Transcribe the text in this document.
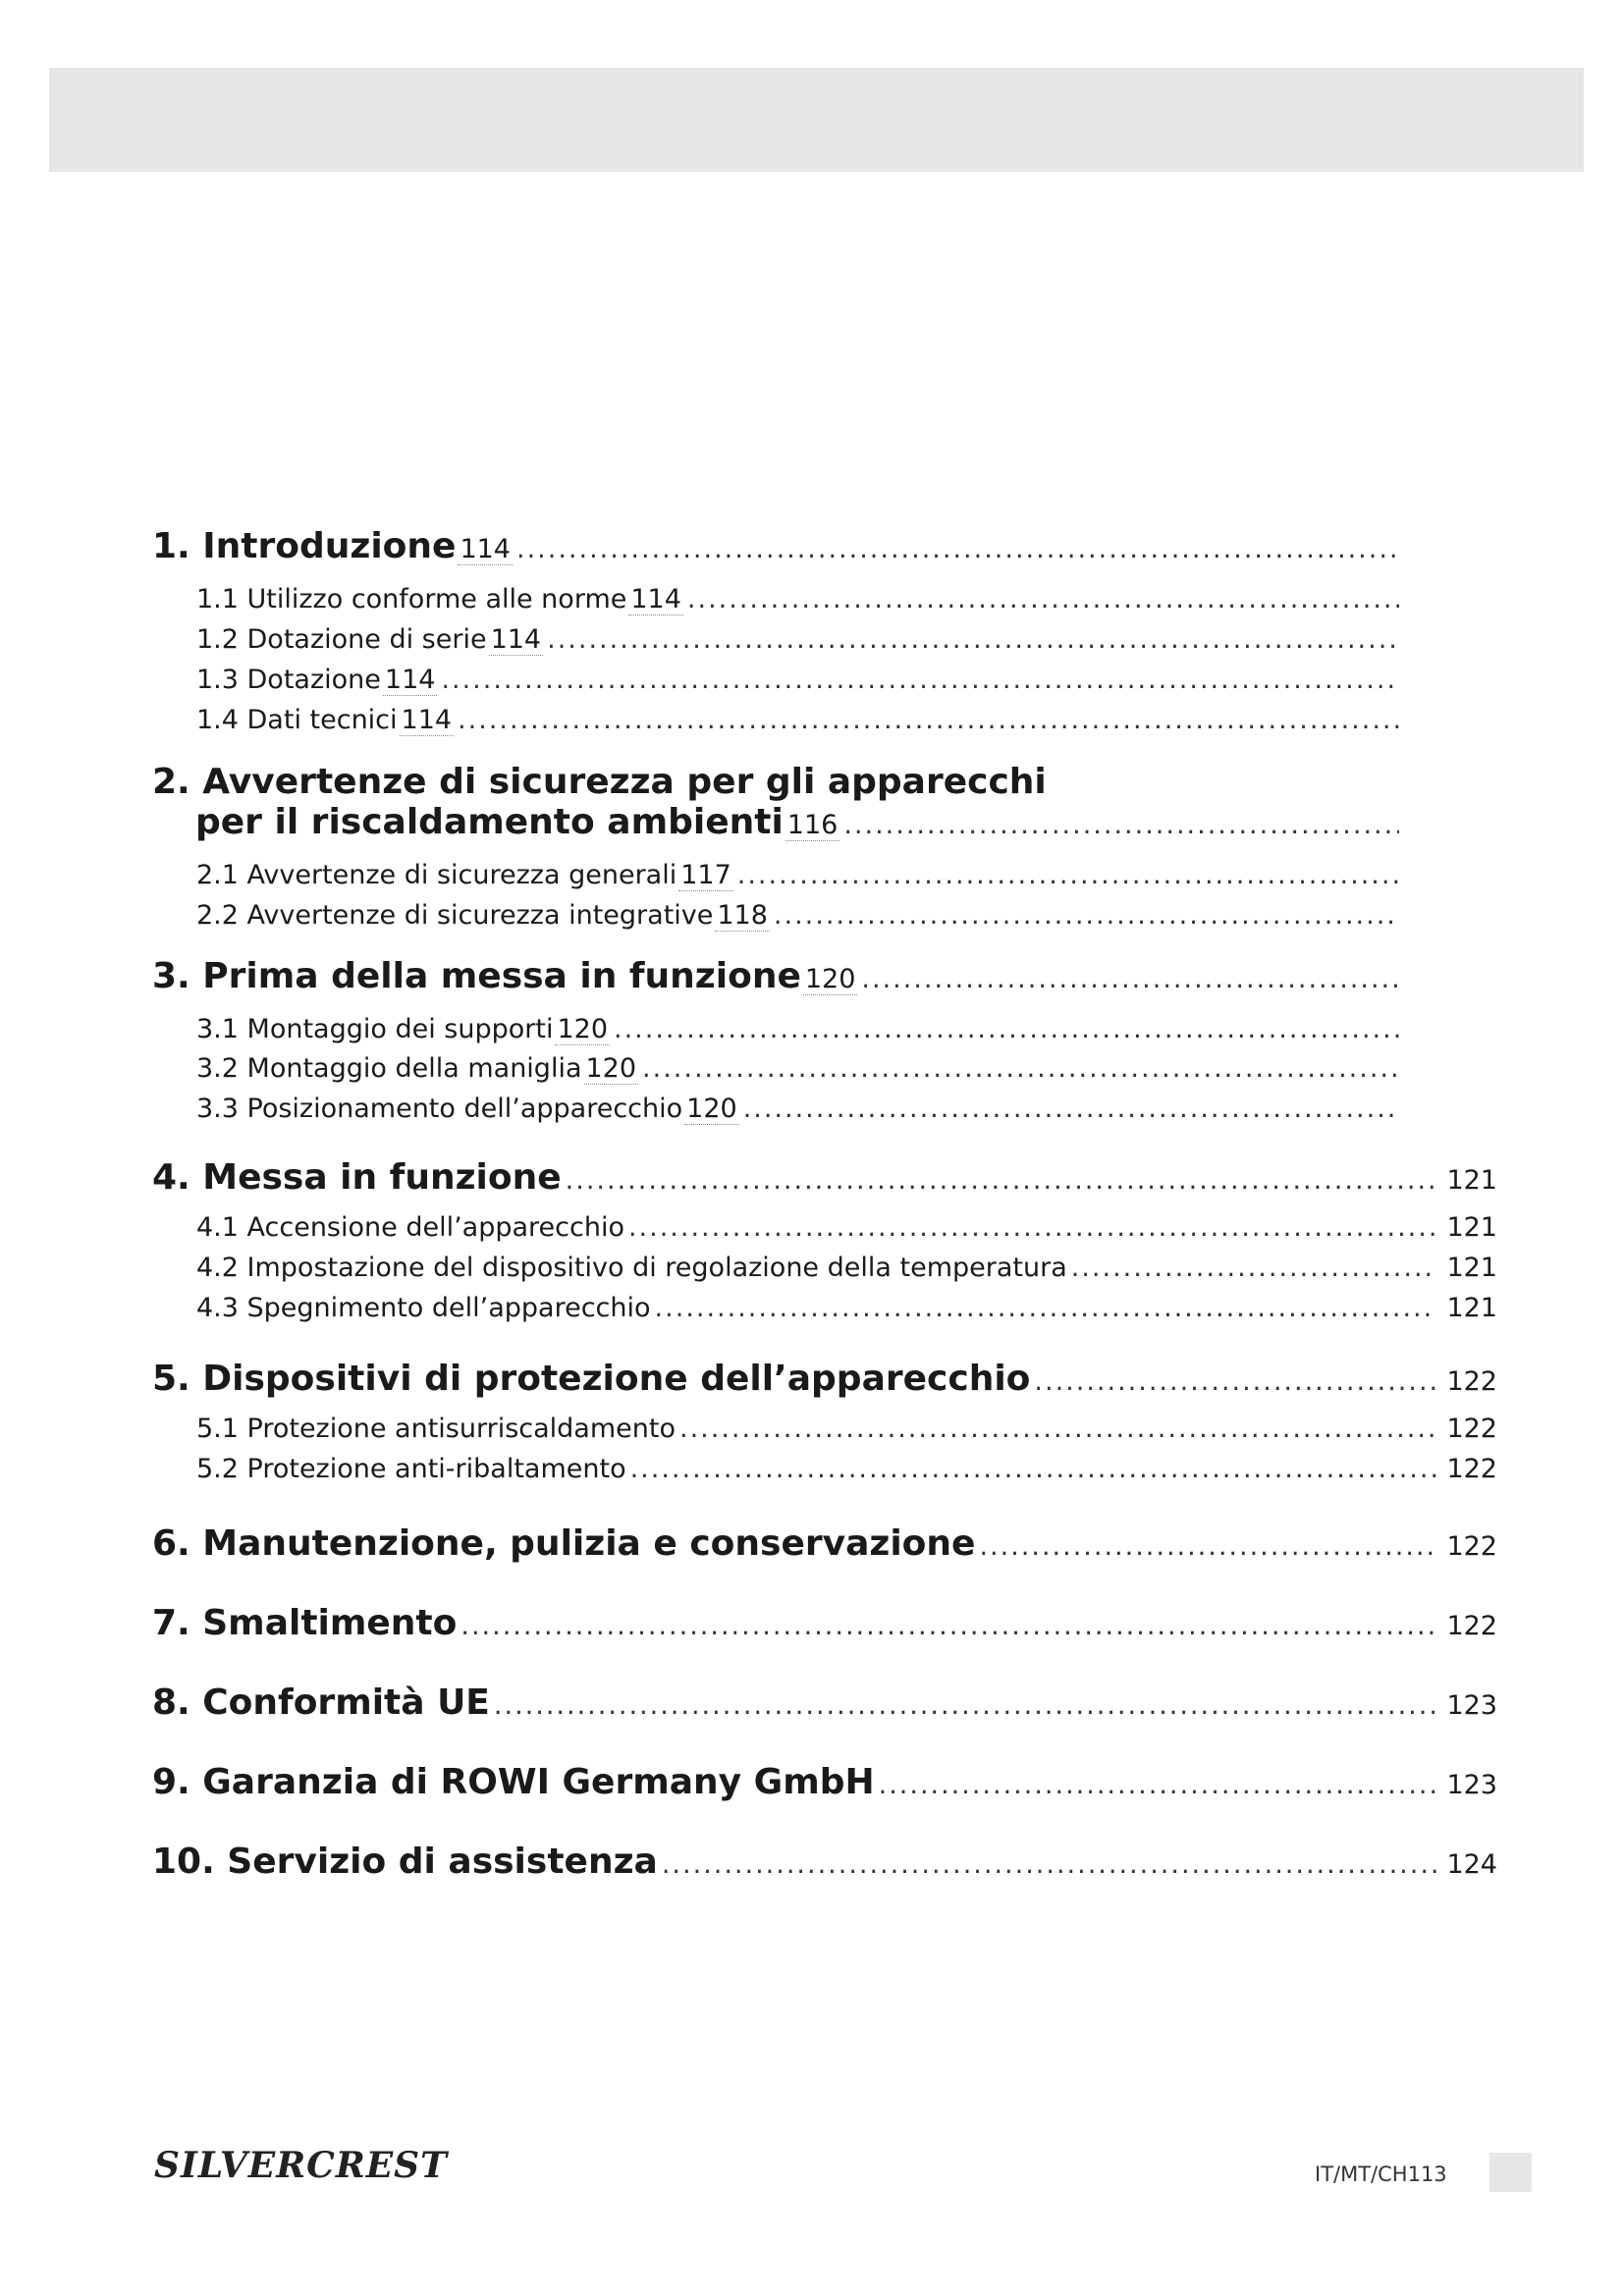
1. Introduzione 114
.....
1.1 Utilizzo conforme alle norme 114
.....
1.2 Dotazione di serie 114
.....
1.3 Dotazione 114
.....
1.4 Dati tecnici 114
.....
2. Avvertenze di sicurezza per gli apparecchi
per il riscaldamento ambienti 116
.....
2.1 Avvertenze di sicurezza generali 117
.....
2.2 Avvertenze di sicurezza integrative 118
.....
3. Prima della messa in funzione 120
.....
3.1 Montaggio dei supporti 120
.....
3.2 Montaggio della maniglia 120
.....
3.3 Posizionamento dell’apparecchio 120
.....
4. Messa in funzione .....	121
4.1 Accensione dell’apparecchio .....	121
4.2 Impostazione del dispositivo di regolazione della temperatura .....	121
4.3 Spegnimento dell’apparecchio .....	121
5. Dispositivi di protezione dell’apparecchio .....	122
5.1 Protezione antisurriscaldamento .....	122
5.2 Protezione anti-ribaltamento .....	122
6. Manutenzione, pulizia e conservazione .....	122
7. Smaltimento .....	122
8. Conformità UE .....	123
9. Garanzia di ROWI Germany GmbH .....	123
10. Servizio di assistenza .....	124
SILVERCREST	IT/MT/CH113
